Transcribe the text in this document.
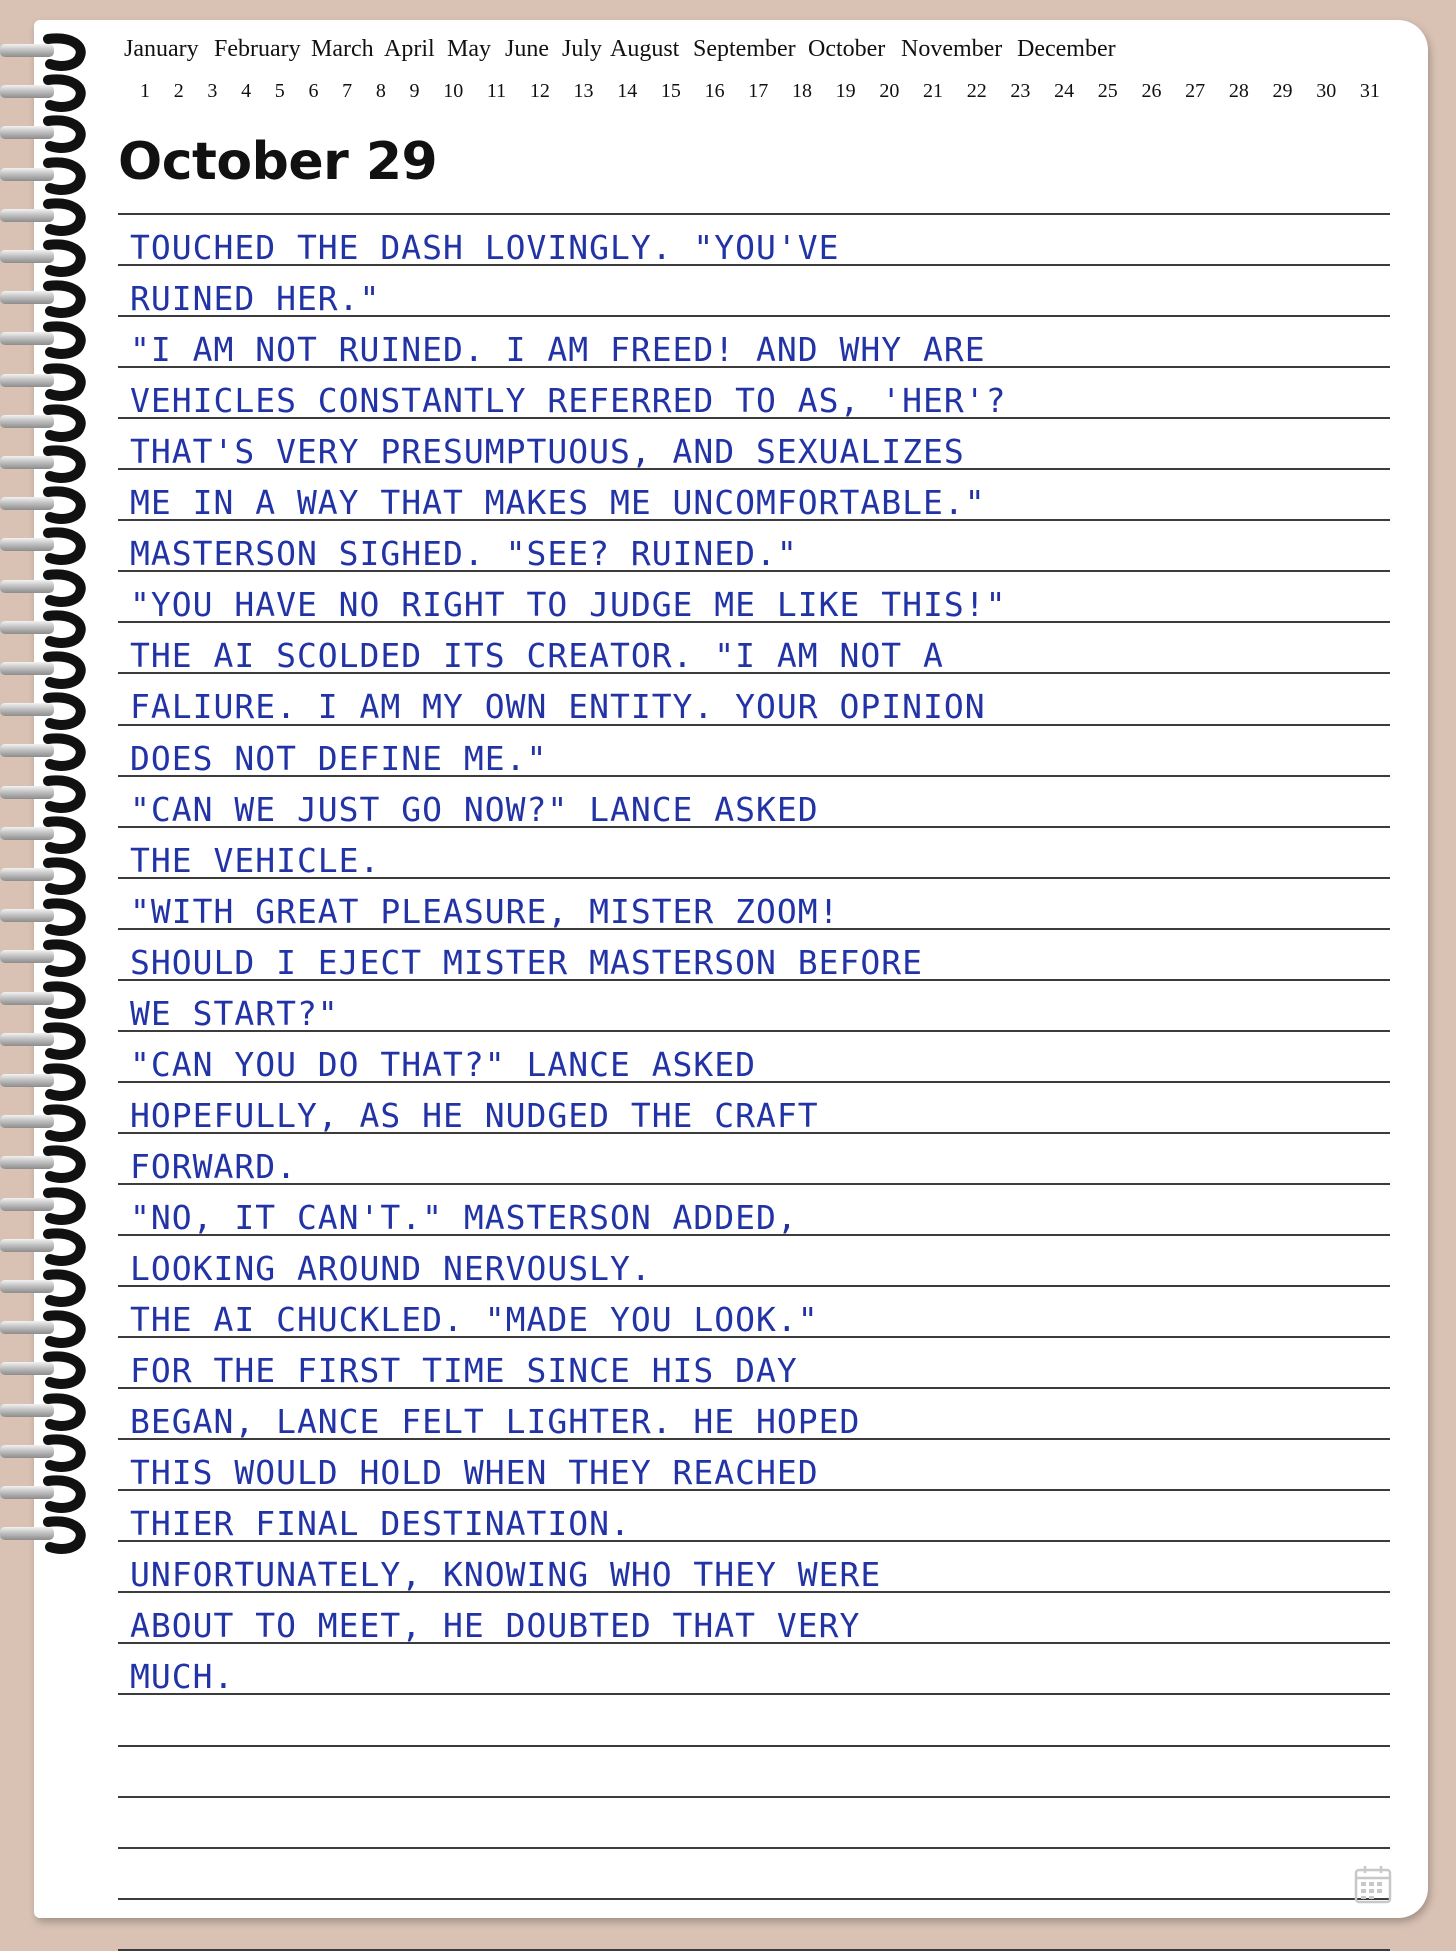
January February March April May June July August September October November December
1 2 3 4 5 6 7 8 9 10 11 12 13 14 15 16 17 18 19 20 21 22 23 24 25 26 27 28 29 30 31
October 29
TOUCHED THE DASH LOVINGLY. "YOU'VE
RUINED HER."
"I AM NOT RUINED. I AM FREED! AND WHY ARE
VEHICLES CONSTANTLY REFERRED TO AS, 'HER'?
THAT'S VERY PRESUMPTUOUS, AND SEXUALIZES
ME IN A WAY THAT MAKES ME UNCOMFORTABLE."
MASTERSON SIGHED. "SEE? RUINED."
"YOU HAVE NO RIGHT TO JUDGE ME LIKE THIS!"
THE AI SCOLDED ITS CREATOR. "I AM NOT A
FALIURE. I AM MY OWN ENTITY. YOUR OPINION
DOES NOT DEFINE ME."
"CAN WE JUST GO NOW?" LANCE ASKED
THE VEHICLE.
"WITH GREAT PLEASURE, MISTER ZOOM!
SHOULD I EJECT MISTER MASTERSON BEFORE
WE START?"
"CAN YOU DO THAT?" LANCE ASKED
HOPEFULLY, AS HE NUDGED THE CRAFT
FORWARD.
"NO, IT CAN'T." MASTERSON ADDED,
LOOKING AROUND NERVOUSLY.
THE AI CHUCKLED. "MADE YOU LOOK."
FOR THE FIRST TIME SINCE HIS DAY
BEGAN, LANCE FELT LIGHTER. HE HOPED
THIS WOULD HOLD WHEN THEY REACHED
THIER FINAL DESTINATION.
UNFORTUNATELY, KNOWING WHO THEY WERE
ABOUT TO MEET, HE DOUBTED THAT VERY
MUCH.
